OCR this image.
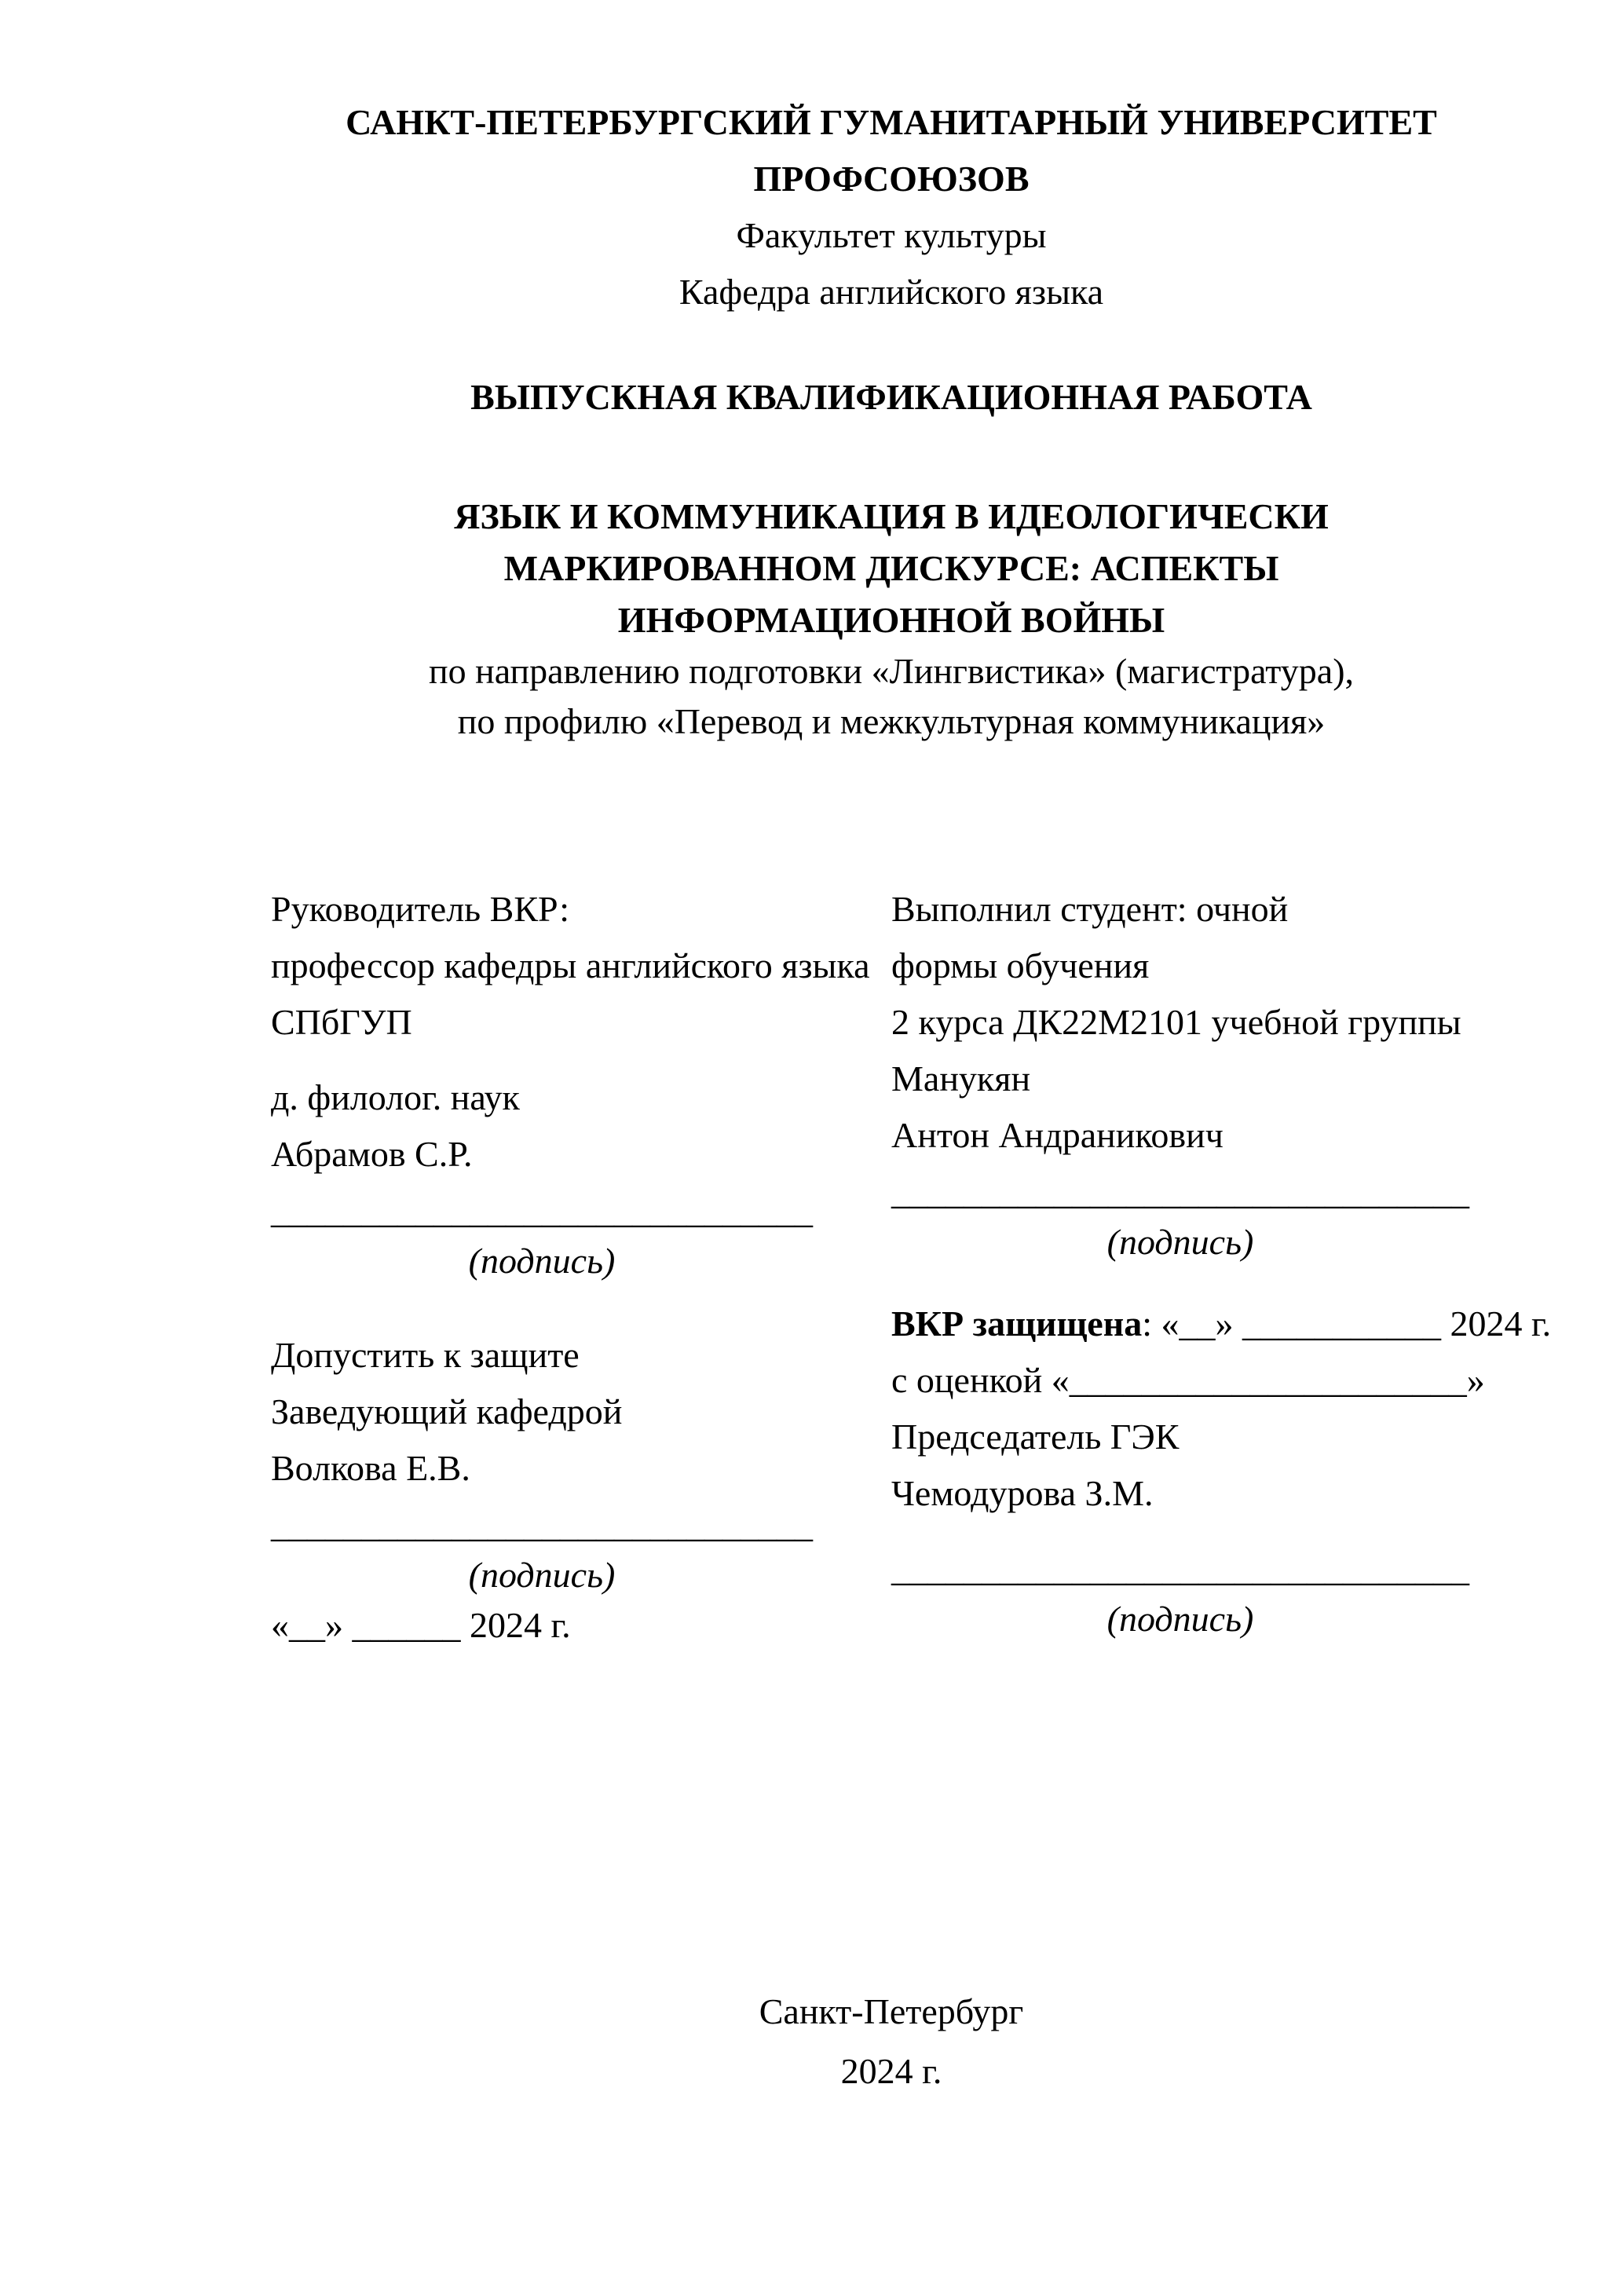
САНКТ-ПЕТЕРБУРГСКИЙ ГУМАНИТАРНЫЙ УНИВЕРСИТЕТ
ПРОФСОЮЗОВ
Факультет культуры
Кафедра английского языка
ВЫПУСКНАЯ КВАЛИФИКАЦИОННАЯ РАБОТА
ЯЗЫК И КОММУНИКАЦИЯ В ИДЕОЛОГИЧЕСКИ
МАРКИРОВАННОМ ДИСКУРСЕ: АСПЕКТЫ
ИНФОРМАЦИОННОЙ ВОЙНЫ
по направлению подготовки «Лингвистика» (магистратура),
по профилю «Перевод и межкультурная коммуникация»
Руководитель ВКР:
профессор кафедры английского языка
СПбГУП
д. филолог. наук
Абрамов С.Р.
______________________________
(подпись)
Допустить к защите
Заведующий кафедрой
Волкова Е.В.
______________________________
(подпись)
«__» ______ 2024 г.
Выполнил студент: очной
формы обучения
2 курса ДК22М2101 учебной группы
Манукян
Антон Андраникович
________________________________
(подпись)
ВКР защищена: «__» ___________ 2024 г.
с оценкой «______________________»
Председатель ГЭК
Чемодурова З.М.
________________________________
(подпись)
Санкт-Петербург
2024 г.
